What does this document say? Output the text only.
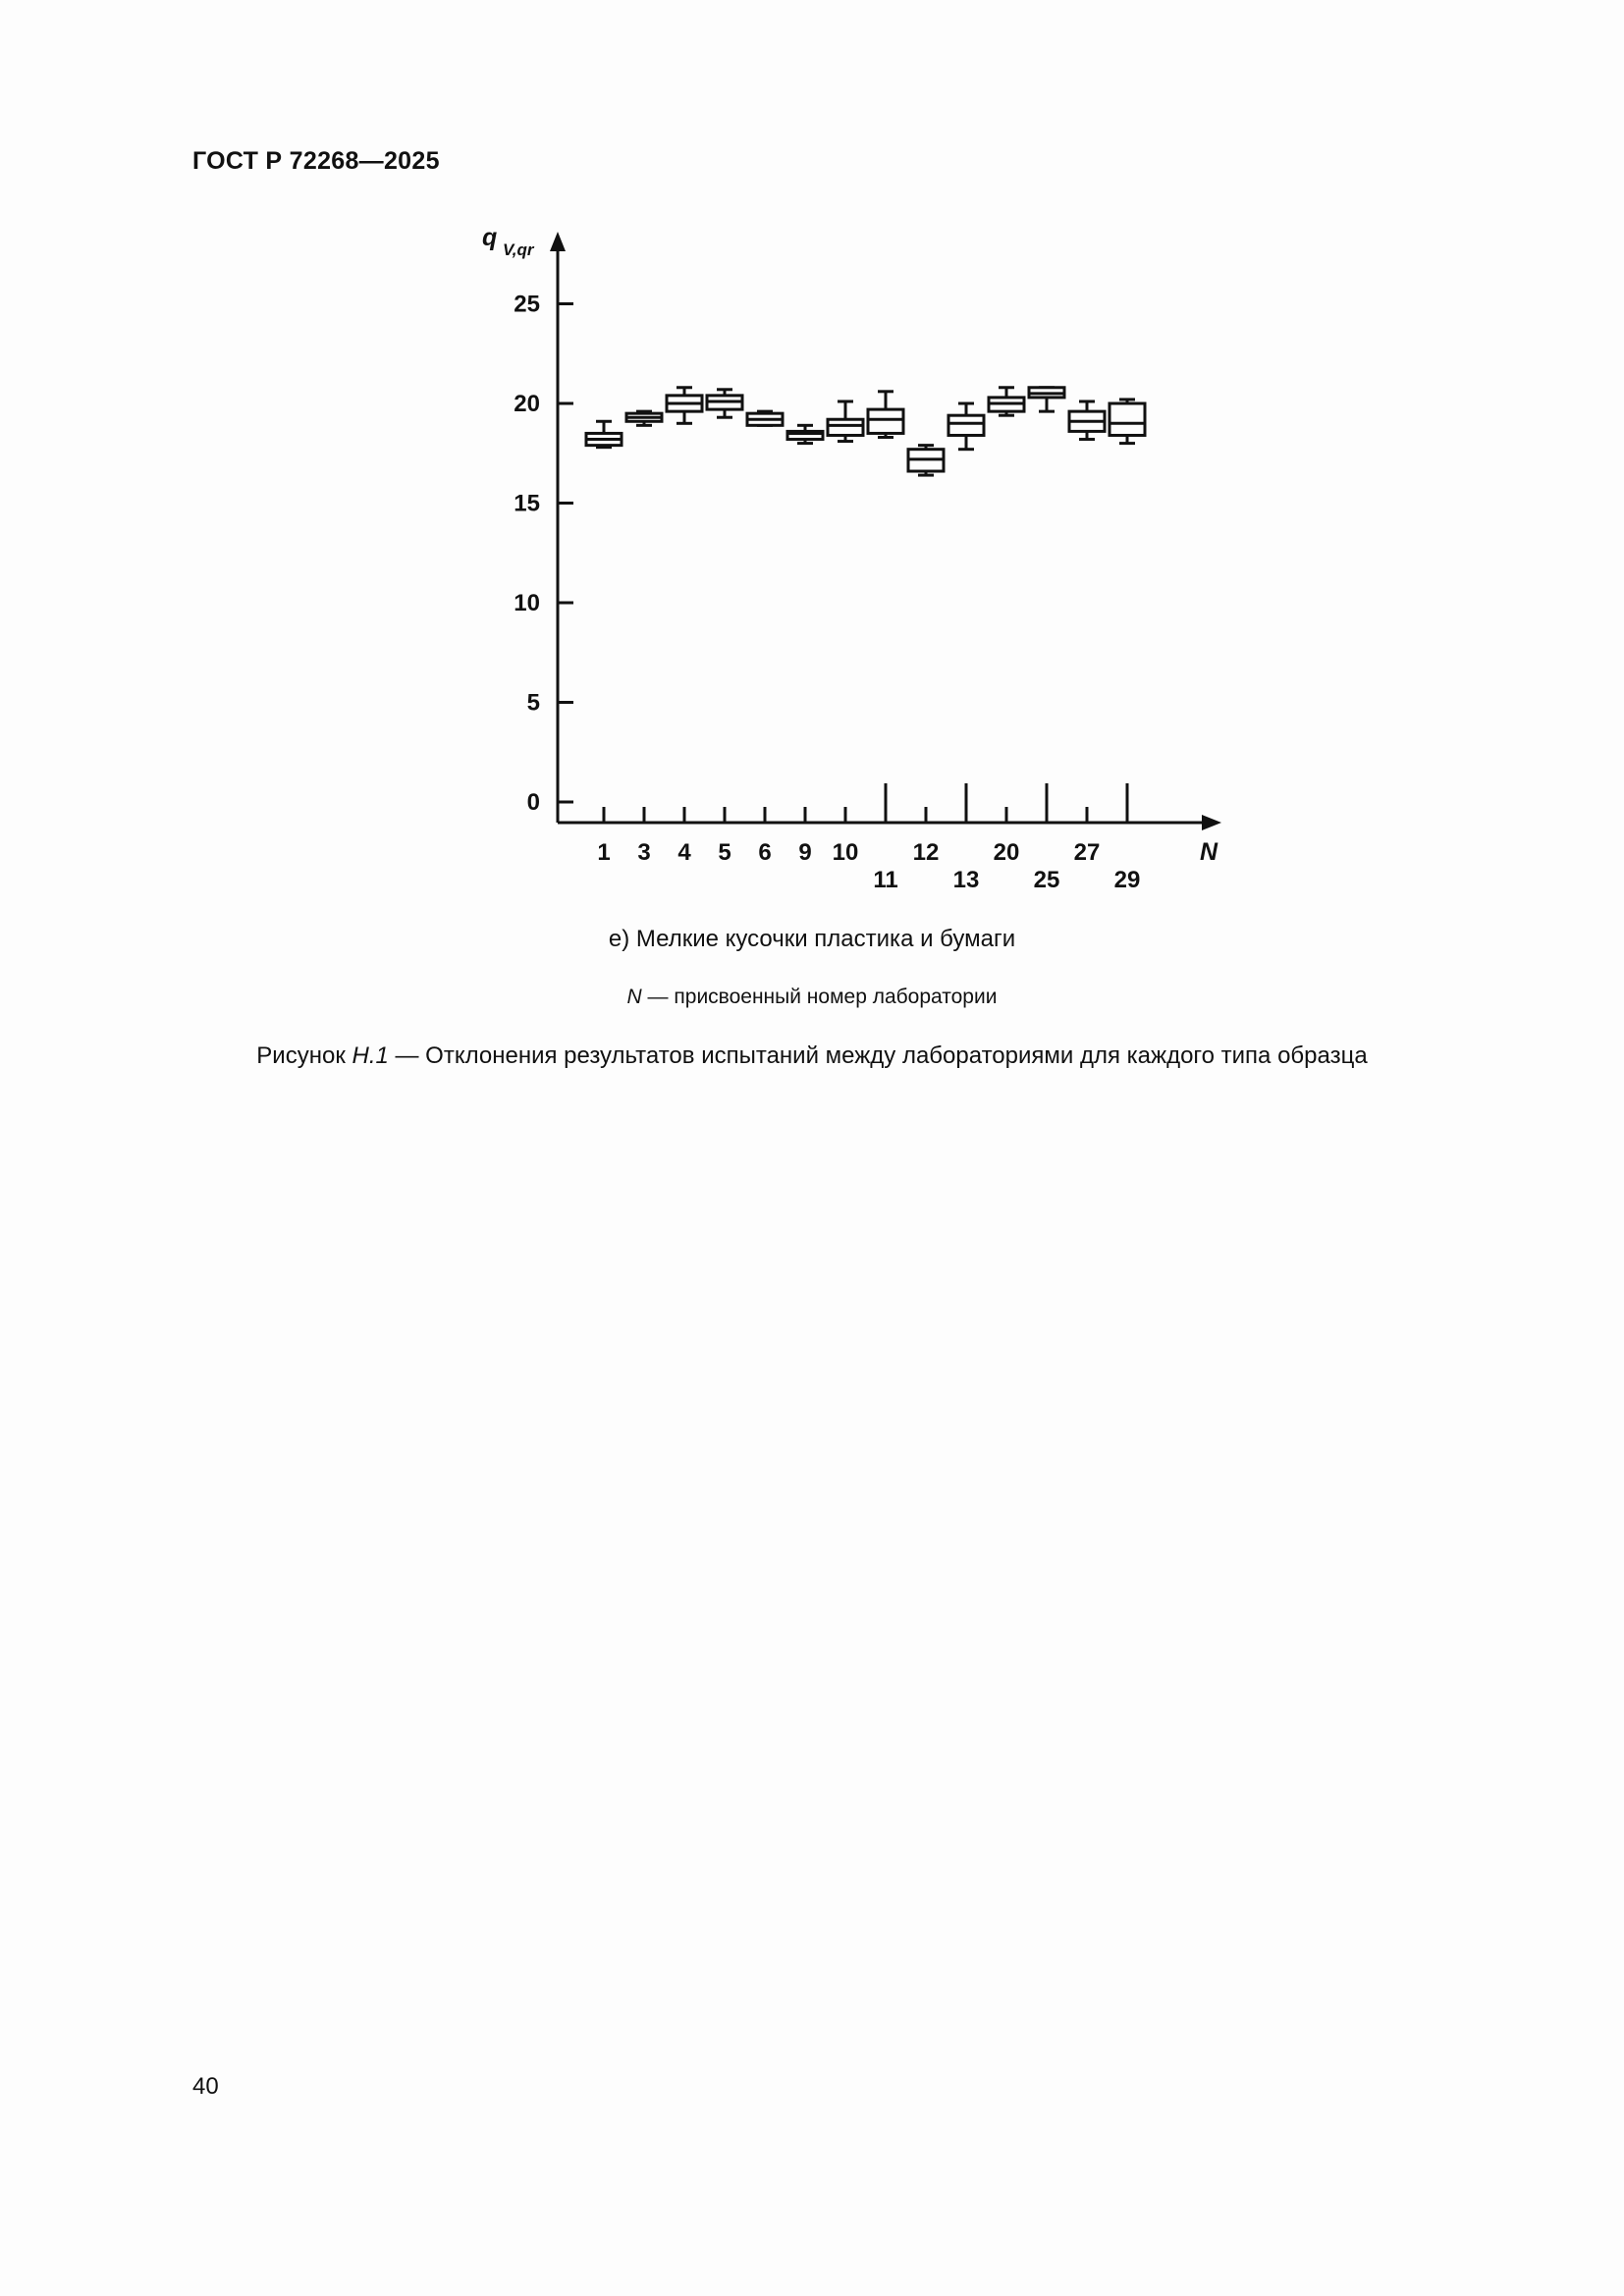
ГОСТ Р 72268—2025
q V,qr
N
0
5
10
15
20
25
1 3 4 5 6 9 10
11
12
13
20
25
27
29
е) Мелкие кусочки пластика и бумаги
N — присвоенный номер лаборатории
Рисунок Н.1 — Отклонения результатов испытаний между лабораториями для каждого типа образца
40
